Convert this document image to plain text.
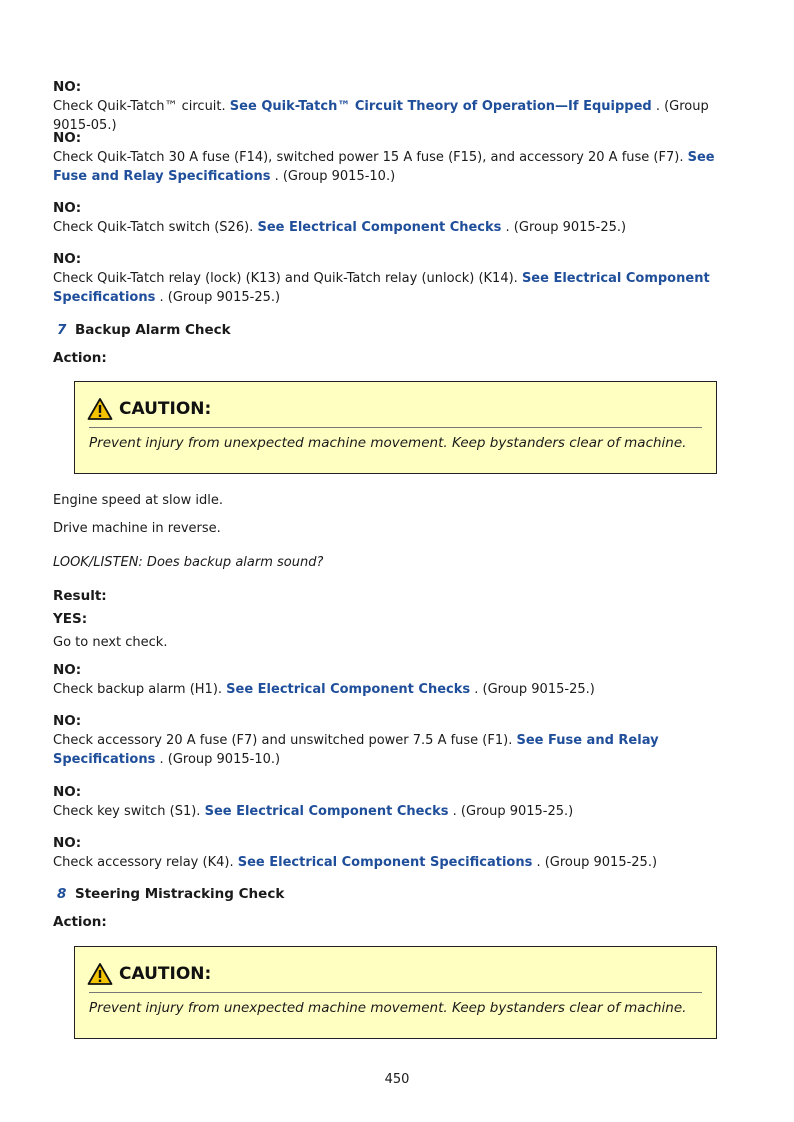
NO:
Check Quik-Tatch™ circuit. See Quik-Tatch™ Circuit Theory of Operation—If Equipped . (Group 9015-05.)
NO:
Check Quik-Tatch 30 A fuse (F14), switched power 15 A fuse (F15), and accessory 20 A fuse (F7). See Fuse and Relay Specifications . (Group 9015-10.)
NO:
Check Quik-Tatch switch (S26). See Electrical Component Checks . (Group 9015-25.)
NO:
Check Quik-Tatch relay (lock) (K13) and Quik-Tatch relay (unlock) (K14). See Electrical Component Specifications . (Group 9015-25.)
7 Backup Alarm Check
Action:
CAUTION:
Prevent injury from unexpected machine movement. Keep bystanders clear of machine.
Engine speed at slow idle.
Drive machine in reverse.
LOOK/LISTEN: Does backup alarm sound?
Result:
YES:
Go to next check.
NO:
Check backup alarm (H1). See Electrical Component Checks . (Group 9015-25.)
NO:
Check accessory 20 A fuse (F7) and unswitched power 7.5 A fuse (F1). See Fuse and Relay Specifications . (Group 9015-10.)
NO:
Check key switch (S1). See Electrical Component Checks . (Group 9015-25.)
NO:
Check accessory relay (K4). See Electrical Component Specifications . (Group 9015-25.)
8 Steering Mistracking Check
Action:
CAUTION:
Prevent injury from unexpected machine movement. Keep bystanders clear of machine.
450
